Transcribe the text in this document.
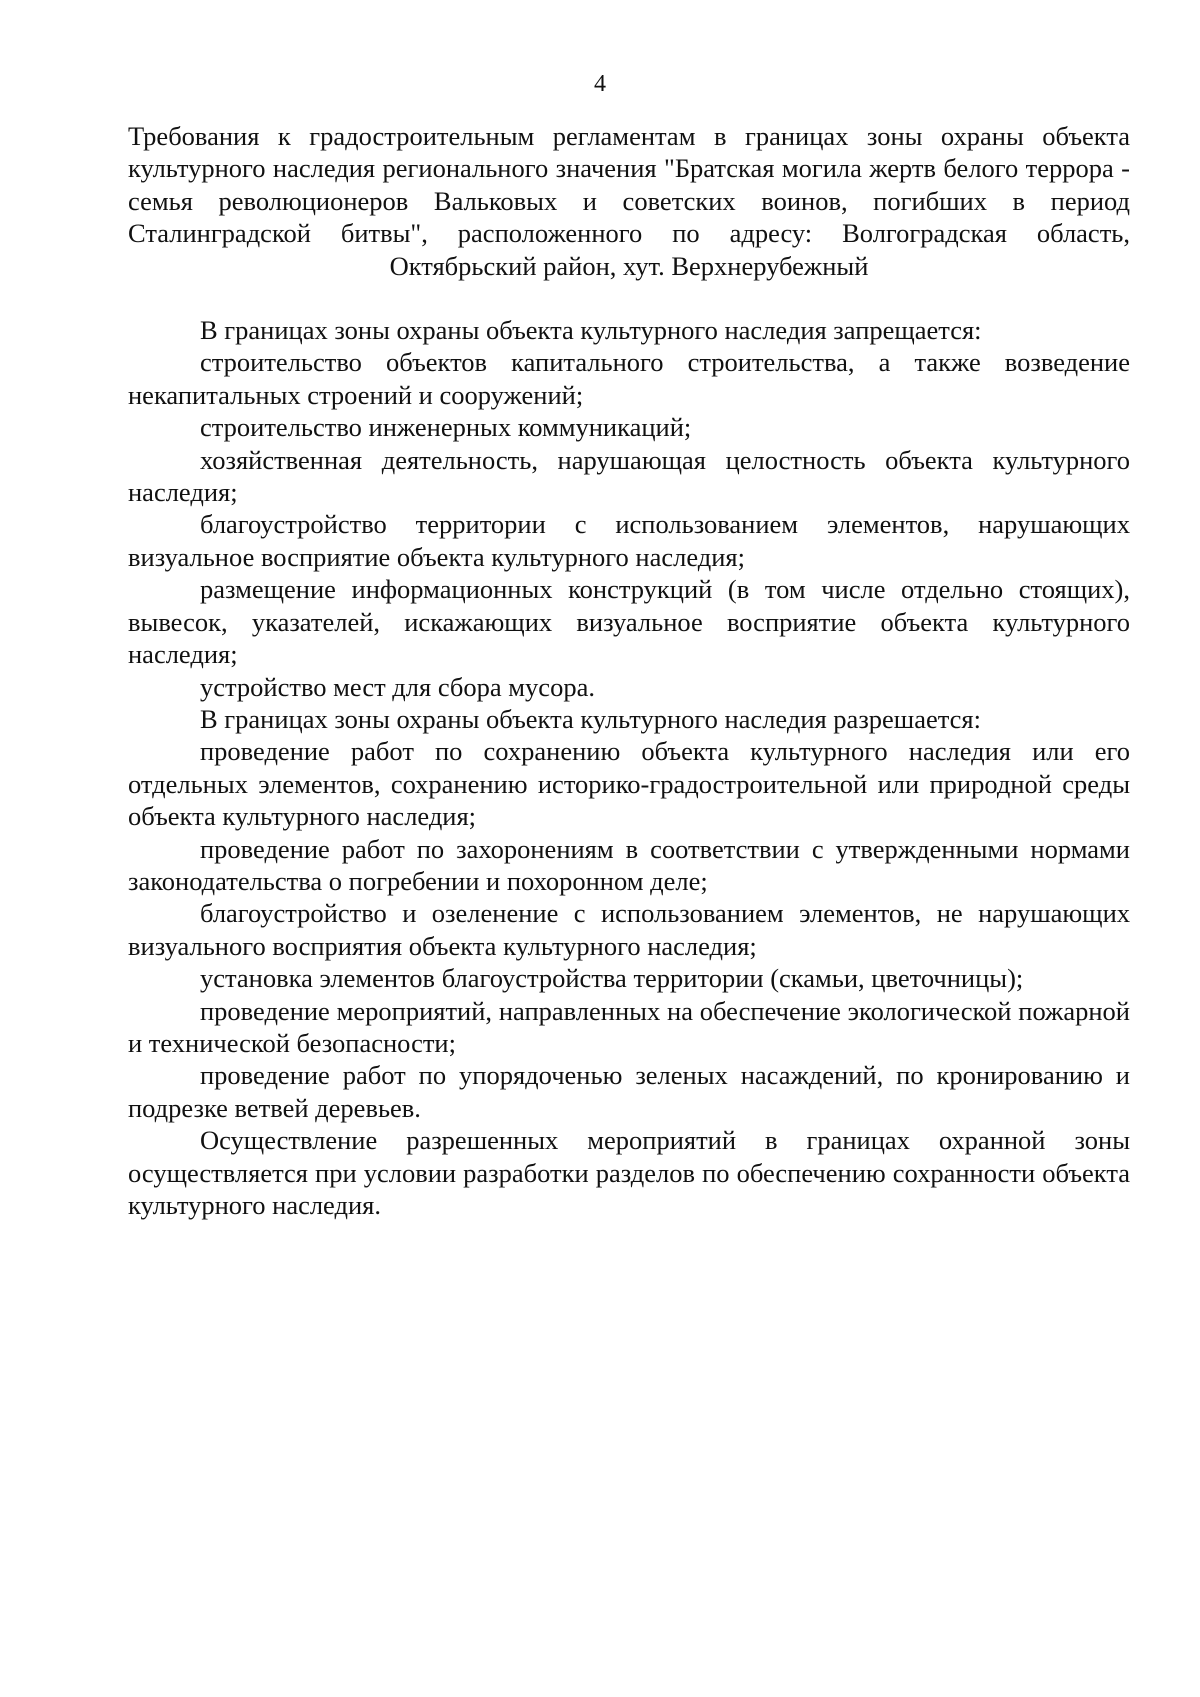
4

Требования к градостроительным регламентам в границах зоны охраны объекта культурного наследия регионального значения "Братская могила жертв белого террора - семья революционеров Вальковых и советских воинов, погибших в период Сталинградской битвы", расположенного по адресу: Волгоградская область, Октябрьский район, хут. Верхнерубежный

В границах зоны охраны объекта культурного наследия запрещается:

строительство объектов капитального строительства, а также возведение некапитальных строений и сооружений;

строительство инженерных коммуникаций;

хозяйственная деятельность, нарушающая целостность объекта культурного наследия;

благоустройство территории с использованием элементов, нарушающих визуальное восприятие объекта культурного наследия;

размещение информационных конструкций (в том числе отдельно стоящих), вывесок, указателей, искажающих визуальное восприятие объекта культурного наследия;

устройство мест для сбора мусора.

В границах зоны охраны объекта культурного наследия разрешается:

проведение работ по сохранению объекта культурного наследия или его отдельных элементов, сохранению историко-градостроительной или природной среды объекта культурного наследия;

проведение работ по захоронениям в соответствии с утвержденными нормами законодательства о погребении и похоронном деле;

благоустройство и озеленение с использованием элементов, не нарушающих визуального восприятия объекта культурного наследия;

установка элементов благоустройства территории (скамьи, цветочницы);

проведение мероприятий, направленных на обеспечение экологической пожарной и технической безопасности;

проведение работ по упорядоченью зеленых насаждений, по кронированию и подрезке ветвей деревьев.

Осуществление разрешенных мероприятий в границах охранной зоны осуществляется при условии разработки разделов по обеспечению сохранности объекта культурного наследия.
